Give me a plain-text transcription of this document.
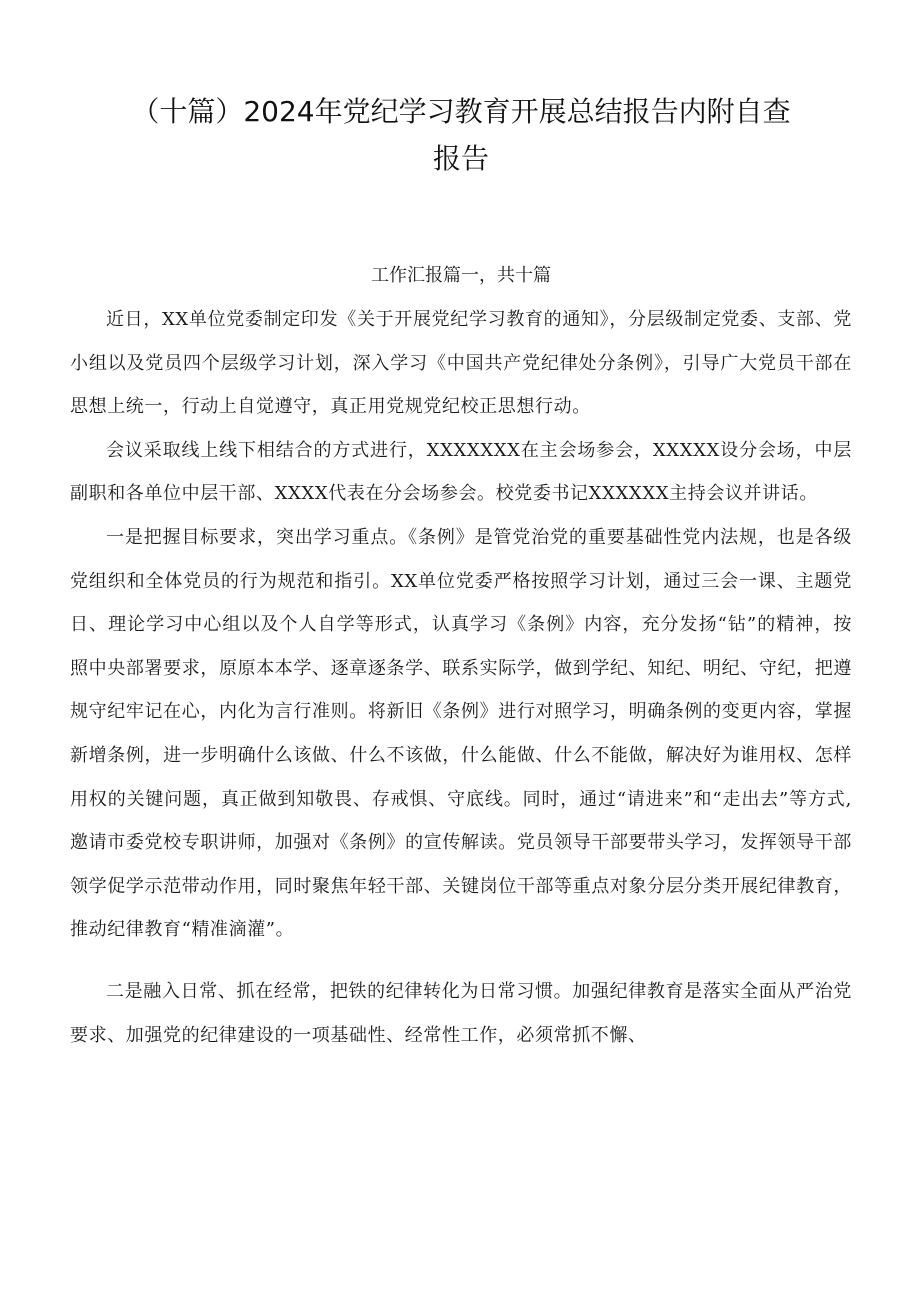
（十篇）2024年党纪学习教育开展总结报告内附自查
报告

工作汇报篇一，共十篇

近日，XX单位党委制定印发《关于开展党纪学习教育的通知》，分层级制定党委、支部、党小组以及党员四个层级学习计划，深入学习《中国共产党纪律处分条例》，引导广大党员干部在思想上统一，行动上自觉遵守，真正用党规党纪校正思想行动。

会议采取线上线下相结合的方式进行，XXXXXXX在主会场参会，XXXXX设分会场，中层副职和各单位中层干部、XXXX代表在分会场参会。校党委书记XXXXXX主持会议并讲话。

一是把握目标要求，突出学习重点。《条例》是管党治党的重要基础性党内法规，也是各级党组织和全体党员的行为规范和指引。XX单位党委严格按照学习计划，通过三会一课、主题党日、理论学习中心组以及个人自学等形式，认真学习《条例》内容，充分发扬“钻”的精神，按照中央部署要求，原原本本学、逐章逐条学、联系实际学，做到学纪、知纪、明纪、守纪，把遵规守纪牢记在心，内化为言行准则。将新旧《条例》进行对照学习，明确条例的变更内容，掌握新增条例，进一步明确什么该做、什么不该做，什么能做、什么不能做，解决好为谁用权、怎样用权的关键问题，真正做到知敬畏、存戒惧、守底线。同时，通过“请进来”和“走出去”等方式,邀请市委党校专职讲师，加强对《条例》的宣传解读。党员领导干部要带头学习，发挥领导干部领学促学示范带动作用，同时聚焦年轻干部、关键岗位干部等重点对象分层分类开展纪律教育，推动纪律教育“精准滴灌”。

二是融入日常、抓在经常，把铁的纪律转化为日常习惯。加强纪律教育是落实全面从严治党要求、加强党的纪律建设的一项基础性、经常性工作，必须常抓不懈、
